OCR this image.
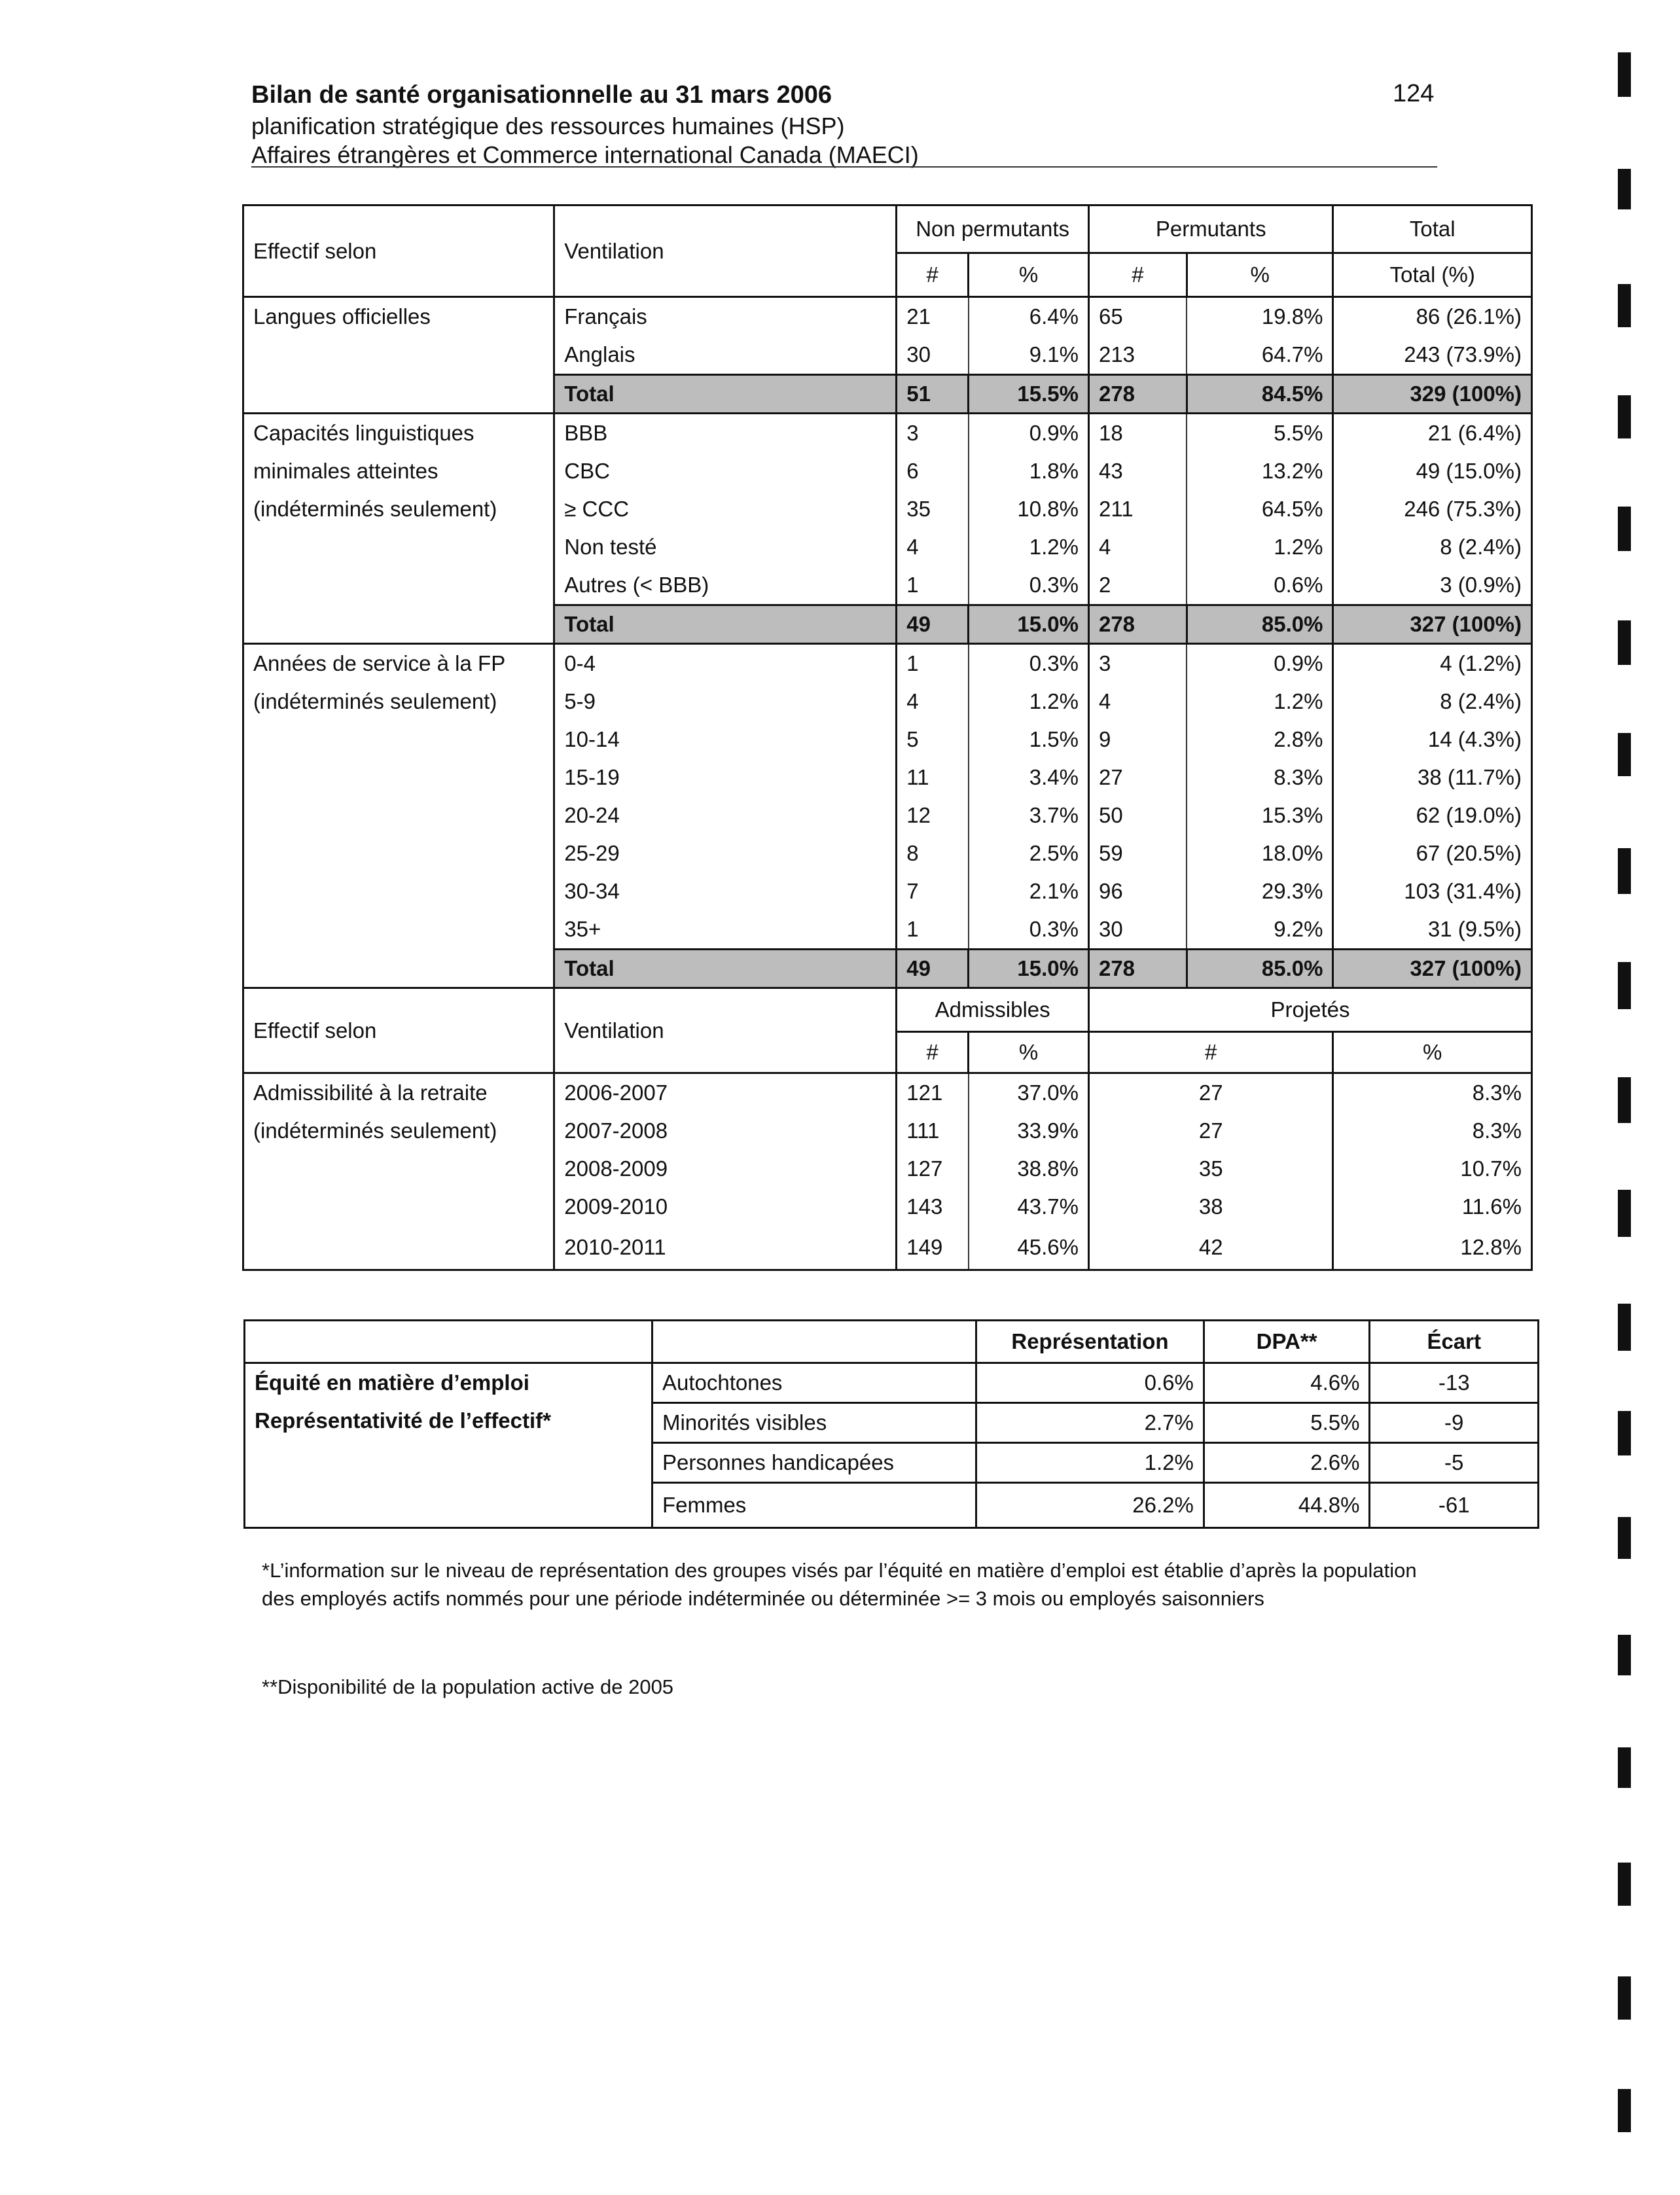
Bilan de santé organisationnelle au 31 mars 2006
planification stratégique des ressources humaines (HSP)
Affaires étrangères et Commerce international Canada (MAECI)
124
Effectif selon	Ventilation	Non permutants		Permutants		Total
		#	%	#	%	Total (%)

Langues officielles	Français	21	6.4%	65	19.8%	86 (26.1%)
	Anglais	30	9.1%	213	64.7%	243 (73.9%)
	Total	51	15.5%	278	84.5%	329 (100%)

Capacités linguistiques
minimales atteintes
(indéterminés seulement)	BBB	3	0.9%	18	5.5%	21 (6.4%)
	CBC	6	1.8%	43	13.2%	49 (15.0%)
	≥ CCC	35	10.8%	211	64.5%	246 (75.3%)
	Non testé	4	1.2%	4	1.2%	8 (2.4%)
	Autres (< BBB)	1	0.3%	2	0.6%	3 (0.9%)
	Total	49	15.0%	278	85.0%	327 (100%)

Années de service à la FP
(indéterminés seulement)	0-4	1	0.3%	3	0.9%	4 (1.2%)
	5-9	4	1.2%	4	1.2%	8 (2.4%)
	10-14	5	1.5%	9	2.8%	14 (4.3%)
	15-19	11	3.4%	27	8.3%	38 (11.7%)
	20-24	12	3.7%	50	15.3%	62 (19.0%)
	25-29	8	2.5%	59	18.0%	67 (20.5%)
	30-34	7	2.1%	96	29.3%	103 (31.4%)
	35+	1	0.3%	30	9.2%	31 (9.5%)
	Total	49	15.0%	278	85.0%	327 (100%)
Effectif selon	Ventilation	Admissibles		Projetés		
		#	%	#		%

Admissibilité à la retraite
(indéterminés seulement)	2006-2007	121	37.0%	27		8.3%
	2007-2008	111	33.9%	27		8.3%
	2008-2009	127	38.8%	35		10.7%
	2009-2010	143	43.7%	38		11.6%
	2010-2011	149	45.6%	42		12.8%
		Représentation	DPA**	Écart

Équité en matière d’emploi
Représentativité de l’effectif*	Autochtones	0.6%	4.6%	-13
	Minorités visibles	2.7%	5.5%	-9
	Personnes handicapées	1.2%	2.6%	-5
	Femmes	26.2%	44.8%	-61
*L’information sur le niveau de représentation des groupes visés par l’équité en matière d’emploi est établie d’après la population des employés actifs nommés pour une période indéterminée ou déterminée >= 3 mois ou employés saisonniers
**Disponibilité de la population active de 2005
